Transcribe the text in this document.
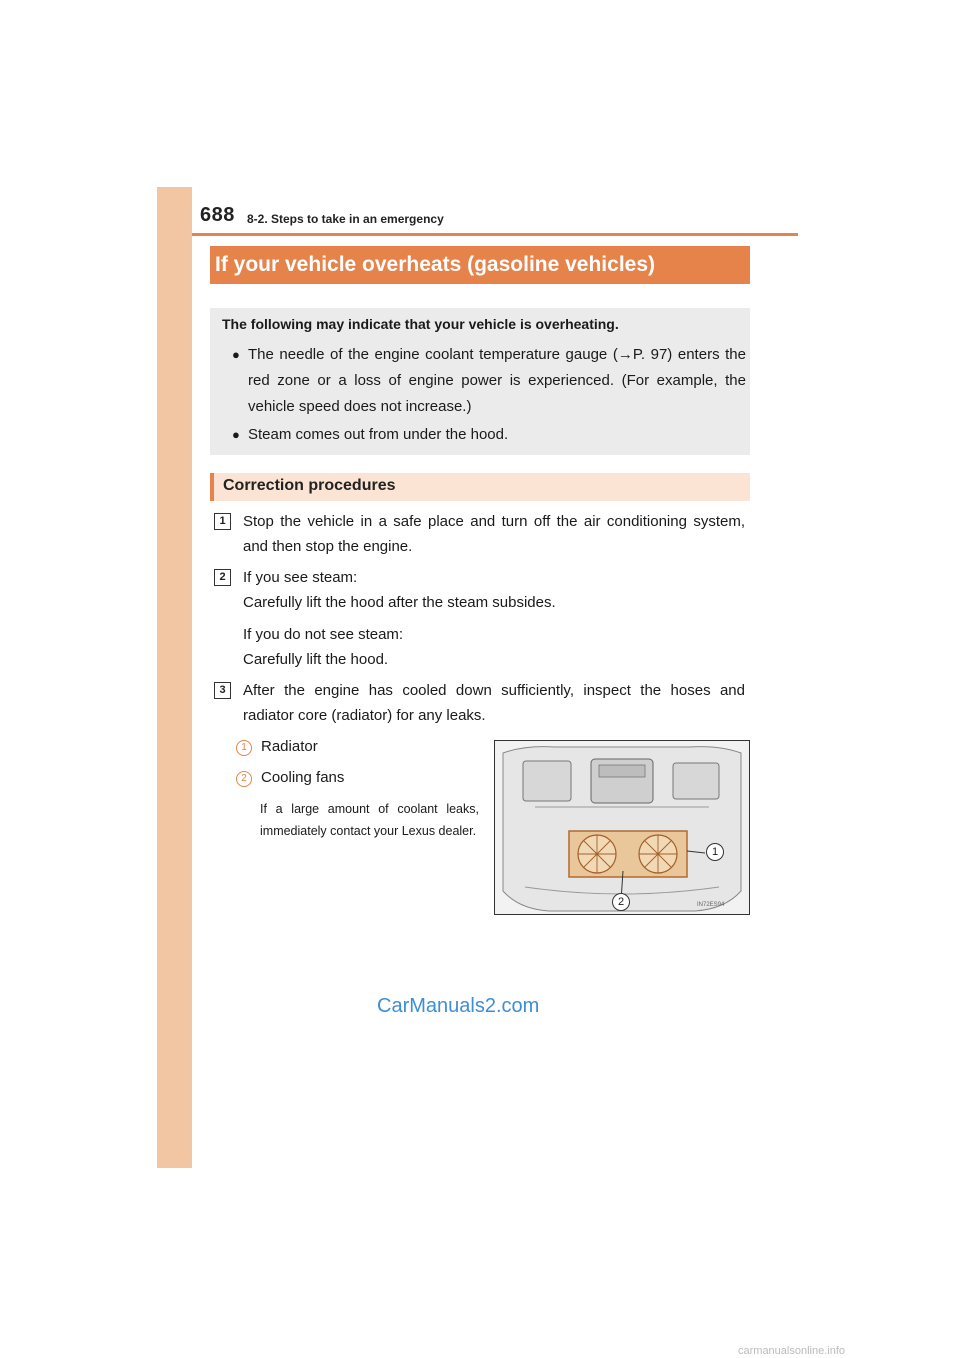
688 8-2. Steps to take in an emergency
If your vehicle overheats (gasoline vehicles)
The following may indicate that your vehicle is overheating.
● The needle of the engine coolant temperature gauge (→P. 97) enters the red zone or a loss of engine power is experienced. (For example, the vehicle speed does not increase.)
● Steam comes out from under the hood.
Correction procedures
1	Stop the vehicle in a safe place and turn off the air conditioning system, and then stop the engine.
2	If you see steam:
Carefully lift the hood after the steam subsides.
If you do not see steam:
Carefully lift the hood.
3	After the engine has cooled down sufficiently, inspect the hoses and radiator core (radiator) for any leaks.
1 Radiator
2 Cooling fans
If a large amount of coolant leaks, immediately contact your Lexus dealer.
1
2	IN72ES94
CarManuals2.com
carmanualsonline.info
